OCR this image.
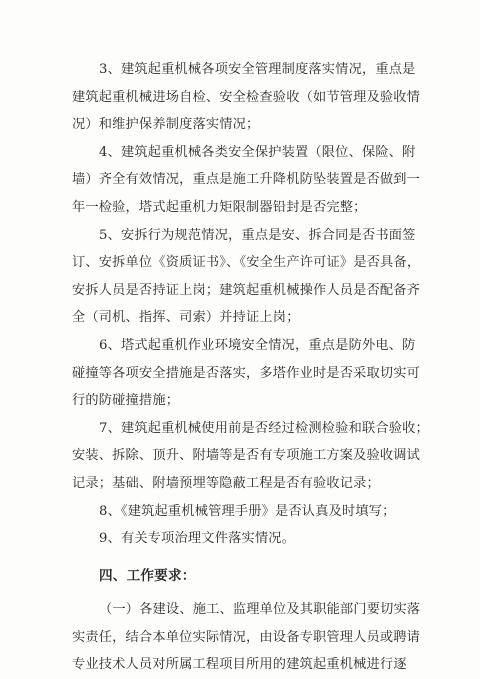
3、建筑起重机械各项安全管理制度落实情况，重点是
建筑起重机械进场自检、安全检查验收（如节管理及验收情
况）和维护保养制度落实情况；
4、建筑起重机械各类安全保护装置（限位、保险、附
墙）齐全有效情况，重点是施工升降机防坠装置是否做到一
年一检验，塔式起重机力矩限制器铅封是否完整；
5、安拆行为规范情况，重点是安、拆合同是否书面签
订、安拆单位《资质证书》、《安全生产许可证》是否具备，
安拆人员是否持证上岗；建筑起重机械操作人员是否配备齐
全（司机、指挥、司索）并持证上岗；
6、塔式起重机作业环境安全情况，重点是防外电、防
碰撞等各项安全措施是否落实，多塔作业时是否采取切实可
行的防碰撞措施；
7、建筑起重机械使用前是否经过检测检验和联合验收；
安装、拆除、顶升、附墙等是否有专项施工方案及验收调试
记录；基础、附墙预埋等隐蔽工程是否有验收记录；
8、《建筑起重机械管理手册》是否认真及时填写；
9、有关专项治理文件落实情况。
四、工作要求：
（一）各建设、施工、监理单位及其职能部门要切实落
实责任，结合本单位实际情况，由设备专职管理人员或聘请
专业技术人员对所属工程项目所用的建筑起重机械进行逐
